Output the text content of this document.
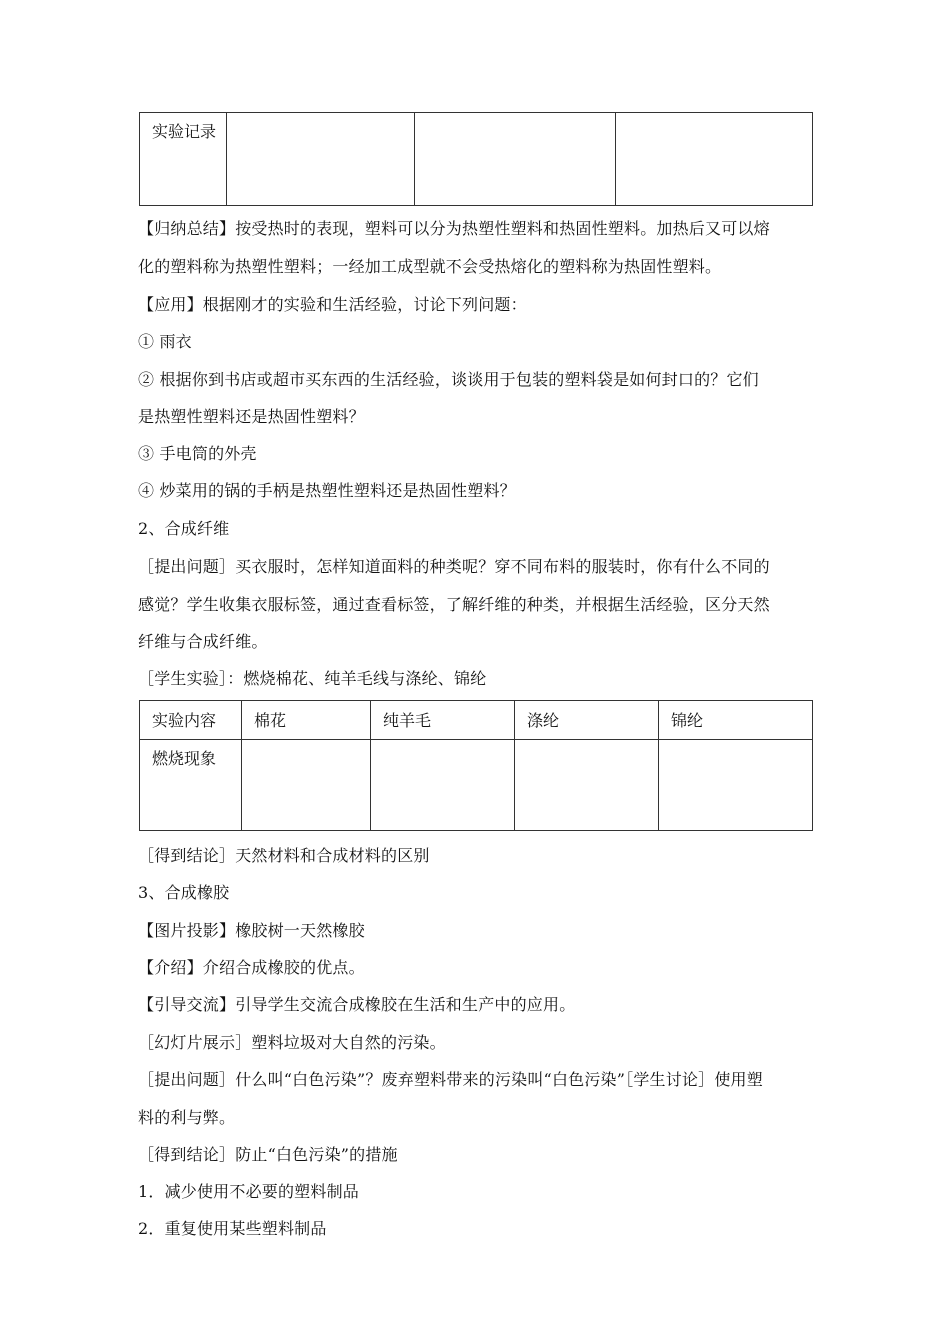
实验记录

【归纳总结】按受热时的表现，塑料可以分为热塑性塑料和热固性塑料。加热后又可以熔
化的塑料称为热塑性塑料；一经加工成型就不会受热熔化的塑料称为热固性塑料。
【应用】根据刚才的实验和生活经验，讨论下列问题：
① 雨衣
② 根据你到书店或超市买东西的生活经验，谈谈用于包装的塑料袋是如何封口的？它们
是热塑性塑料还是热固性塑料？
③ 手电筒的外壳
④ 炒菜用的锅的手柄是热塑性塑料还是热固性塑料？
2、合成纤维
［提出问题］买衣服时，怎样知道面料的种类呢？穿不同布料的服装时，你有什么不同的
感觉？学生收集衣服标签，通过查看标签，了解纤维的种类，并根据生活经验，区分天然
纤维与合成纤维。
［学生实验］：燃烧棉花、纯羊毛线与涤纶、锦纶
实验内容	棉花	纯羊毛	涤纶	锦纶

燃烧现象				

［得到结论］天然材料和合成材料的区别
3、合成橡胶
【图片投影】橡胶树一天然橡胶
【介绍】介绍合成橡胶的优点。
【引导交流】引导学生交流合成橡胶在生活和生产中的应用。
［幻灯片展示］塑料垃圾对大自然的污染。
［提出问题］什么叫“白色污染”？废弃塑料带来的污染叫“白色污染”［学生讨论］使用塑
料的利与弊。
［得到结论］防止“白色污染”的措施
1．减少使用不必要的塑料制品
2．重复使用某些塑料制品
